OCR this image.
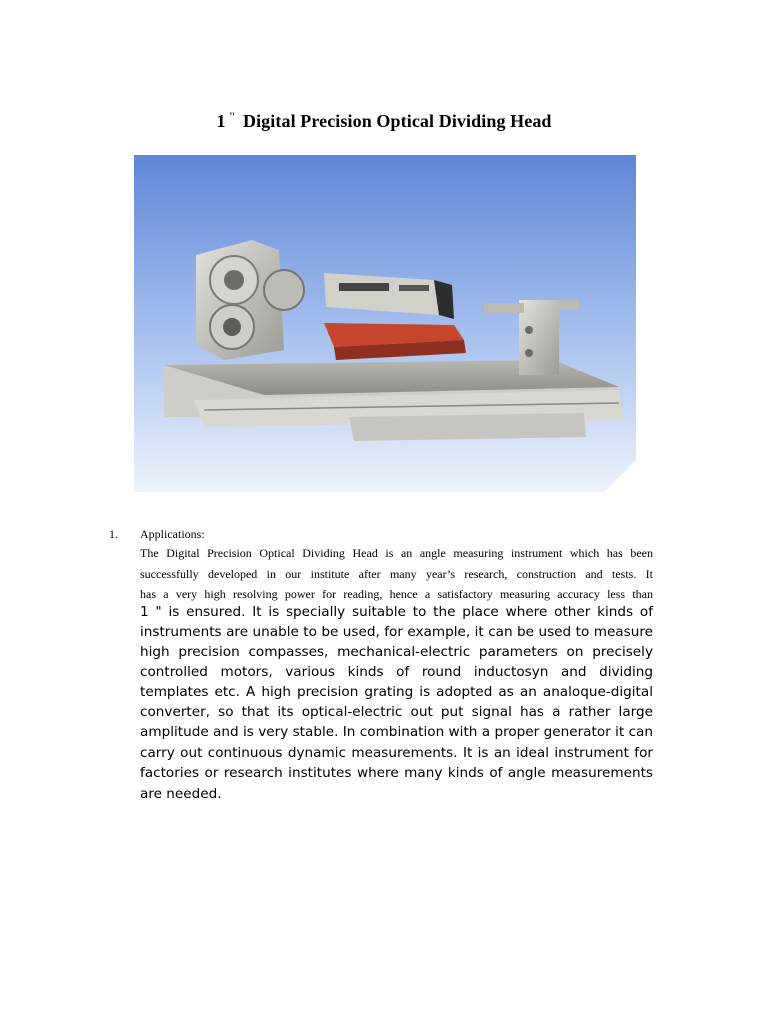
1 " Digital Precision Optical Dividing Head
1. Applications:
The Digital Precision Optical Dividing Head is an angle measuring instrument which has been
successfully developed in our institute after many year’s research, construction and tests. It
has a very high resolving power for reading, hence a satisfactory measuring accuracy less than
1 " is ensured. It is specially suitable to the place where other kinds of
instruments are unable to be used, for example, it can be used to measure
high precision compasses, mechanical-electric parameters on precisely
controlled motors, various kinds of round inductosyn and dividing
templates etc. A high precision grating is adopted as an analoque-digital
converter, so that its optical-electric out put signal has a rather large
amplitude and is very stable. In combination with a proper generator it can
carry out continuous dynamic measurements. It is an ideal instrument for
factories or research institutes where many kinds of angle measurements
are needed.
